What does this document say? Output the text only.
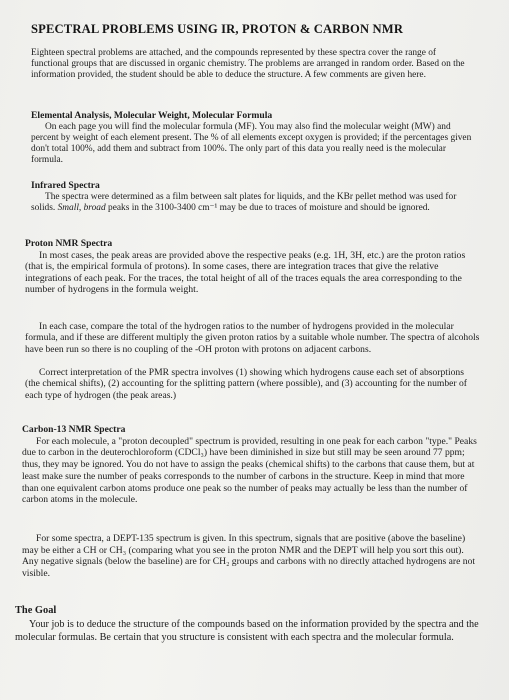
SPECTRAL PROBLEMS USING IR, PROTON & CARBON NMR

Eighteen spectral problems are attached, and the compounds represented by these spectra cover the range of functional groups that are discussed in organic chemistry. The problems are arranged in random order. Based on the information provided, the student should be able to deduce the structure. A few comments are given here.

Elemental Analysis, Molecular Weight, Molecular Formula
On each page you will find the molecular formula (MF). You may also find the molecular weight (MW) and percent by weight of each element present. The % of all elements except oxygen is provided; if the percentages given don't total 100%, add them and subtract from 100%. The only part of this data you really need is the molecular formula.
Infrared Spectra
The spectra were determined as a film between salt plates for liquids, and the KBr pellet method was used for solids. Small, broad peaks in the 3100-3400 cm⁻¹ may be due to traces of moisture and should be ignored.
Proton NMR Spectra
In most cases, the peak areas are provided above the respective peaks (e.g. 1H, 3H, etc.) are the proton ratios (that is, the empirical formula of protons). In some cases, there are integration traces that give the relative integrations of each peak. For the traces, the total height of all of the traces equals the area corresponding to the number of hydrogens in the formula weight.
In each case, compare the total of the hydrogen ratios to the number of hydrogens provided in the molecular formula, and if these are different multiply the given proton ratios by a suitable whole number. The spectra of alcohols have been run so there is no coupling of the -OH proton with protons on adjacent carbons.
Correct interpretation of the PMR spectra involves (1) showing which hydrogens cause each set of absorptions (the chemical shifts), (2) accounting for the splitting pattern (where possible), and (3) accounting for the number of each type of hydrogen (the peak areas.)
Carbon-13 NMR Spectra
For each molecule, a "proton decoupled" spectrum is provided, resulting in one peak for each carbon "type." Peaks due to carbon in the deuterochloroform (CDCl₃) have been diminished in size but still may be seen around 77 ppm; thus, they may be ignored. You do not have to assign the peaks (chemical shifts) to the carbons that cause them, but at least make sure the number of peaks corresponds to the number of carbons in the structure. Keep in mind that more than one equivalent carbon atoms produce one peak so the number of peaks may actually be less than the number of carbon atoms in the molecule.
For some spectra, a DEPT-135 spectrum is given. In this spectrum, signals that are positive (above the baseline) may be either a CH or CH₃ (comparing what you see in the proton NMR and the DEPT will help you sort this out). Any negative signals (below the baseline) are for CH₂ groups and carbons with no directly attached hydrogens are not visible.
The Goal
Your job is to deduce the structure of the compounds based on the information provided by the spectra and the molecular formulas. Be certain that you structure is consistent with each spectra and the molecular formula.
